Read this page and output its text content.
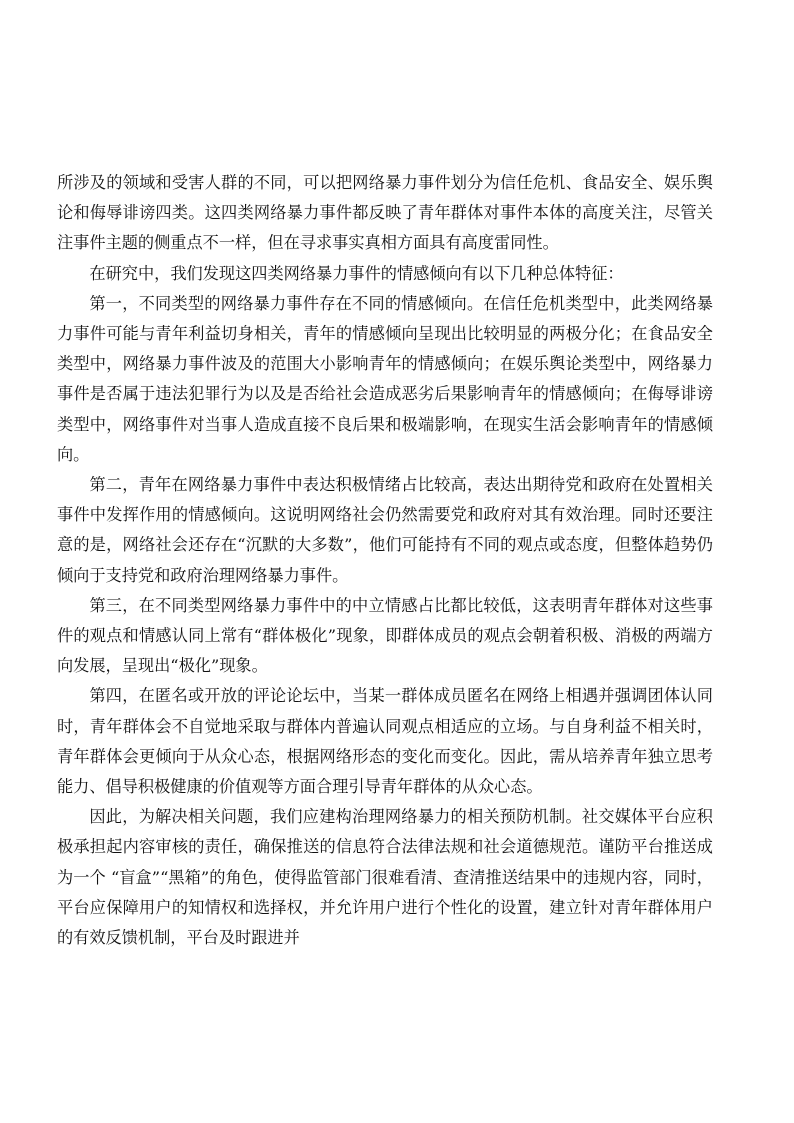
所涉及的领域和受害人群的不同，可以把网络暴力事件划分为信任危机、食品安全、娱乐舆论和侮辱诽谤四类。这四类网络暴力事件都反映了青年群体对事件本体的高度关注，尽管关注事件主题的侧重点不一样，但在寻求事实真相方面具有高度雷同性。

在研究中，我们发现这四类网络暴力事件的情感倾向有以下几种总体特征：

第一，不同类型的网络暴力事件存在不同的情感倾向。在信任危机类型中，此类网络暴力事件可能与青年利益切身相关，青年的情感倾向呈现出比较明显的两极分化；在食品安全类型中，网络暴力事件波及的范围大小影响青年的情感倾向；在娱乐舆论类型中，网络暴力事件是否属于违法犯罪行为以及是否给社会造成恶劣后果影响青年的情感倾向；在侮辱诽谤类型中，网络事件对当事人造成直接不良后果和极端影响，在现实生活会影响青年的情感倾向。

第二，青年在网络暴力事件中表达积极情绪占比较高，表达出期待党和政府在处置相关事件中发挥作用的情感倾向。这说明网络社会仍然需要党和政府对其有效治理。同时还要注意的是，网络社会还存在“沉默的大多数”，他们可能持有不同的观点或态度，但整体趋势仍倾向于支持党和政府治理网络暴力事件。

第三，在不同类型网络暴力事件中的中立情感占比都比较低，这表明青年群体对这些事件的观点和情感认同上常有“群体极化”现象，即群体成员的观点会朝着积极、消极的两端方向发展，呈现出“极化”现象。

第四，在匿名或开放的评论论坛中，当某一群体成员匿名在网络上相遇并强调团体认同时，青年群体会不自觉地采取与群体内普遍认同观点相适应的立场。与自身利益不相关时，青年群体会更倾向于从众心态，根据网络形态的变化而变化。因此，需从培养青年独立思考能力、倡导积极健康的价值观等方面合理引导青年群体的从众心态。

因此，为解决相关问题，我们应建构治理网络暴力的相关预防机制。社交媒体平台应积极承担起内容审核的责任，确保推送的信息符合法律法规和社会道德规范。谨防平台推送成为一个 “盲盒”“黑箱”的角色，使得监管部门很难看清、查清推送结果中的违规内容，同时，平台应保障用户的知情权和选择权，并允许用户进行个性化的设置，建立针对青年群体用户的有效反馈机制，平台及时跟进并
